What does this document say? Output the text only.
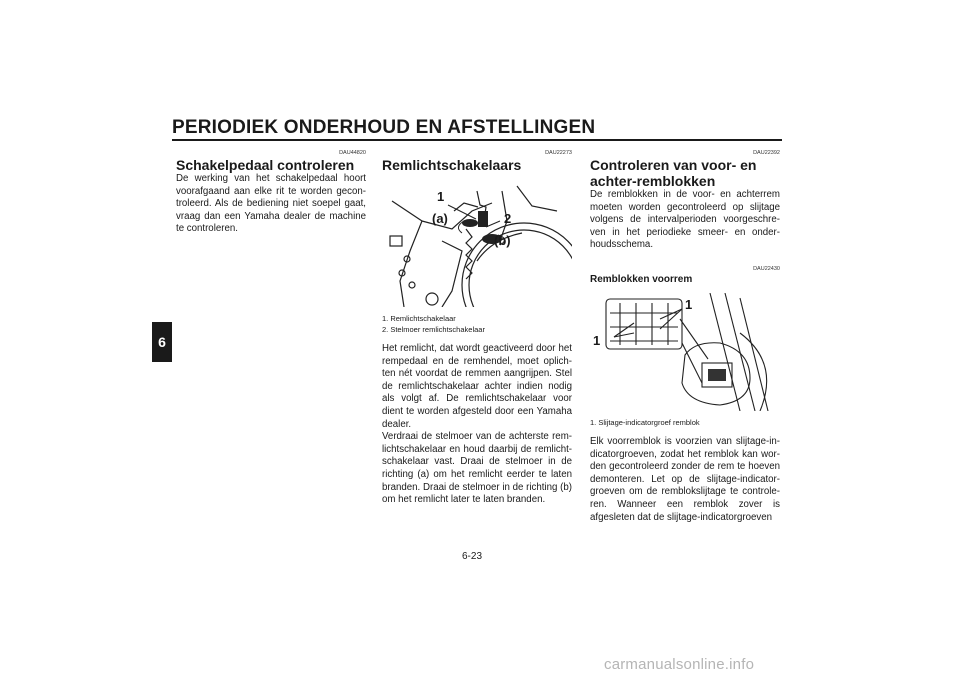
PERIODIEK ONDERHOUD EN AFSTELLINGEN
6
DAU44820
Schakelpedaal controleren

De werking van het schakelpedaal hoort voorafgaand aan elke rit te worden gecon-troleerd. Als de bediening niet soepel gaat, vraag dan een Yamaha dealer de machine te controleren.

DAU22273
Remlichtschakelaars
1
2
(a)
(b)
1. Remlichtschakelaar
2. Stelmoer remlichtschakelaar

Het remlicht, dat wordt geactiveerd door het rempedaal en de remhendel, moet oplich-ten nét voordat de remmen aangrijpen. Stel de remlichtschakelaar achter indien nodig als volgt af. De remlichtschakelaar voor dient te worden afgesteld door een Yamaha dealer.

Verdraai de stelmoer van de achterste rem-lichtschakelaar en houd daarbij de remlicht-schakelaar vast. Draai de stelmoer in de richting (a) om het remlicht eerder te laten branden. Draai de stelmoer in de richting (b) om het remlicht later te laten branden.

DAU22392
Controleren van voor- en achter-remblokken

De remblokken in de voor- en achterrem moeten worden gecontroleerd op slijtage volgens de intervalperioden voorgeschre-ven in het periodieke smeer- en onder-houdsschema.

DAU22430
Remblokken voorrem
1
1
1. Slijtage-indicatorgroef remblok

Elk voorremblok is voorzien van slijtage-in-dicatorgroeven, zodat het remblok kan wor-den gecontroleerd zonder de rem te hoeven demonteren. Let op de slijtage-indicator-groeven om de remblokslijtage te controle-ren. Wanneer een remblok zover is afgesleten dat de slijtage-indicatorgroeven

6-23
carmanualsonline.info
